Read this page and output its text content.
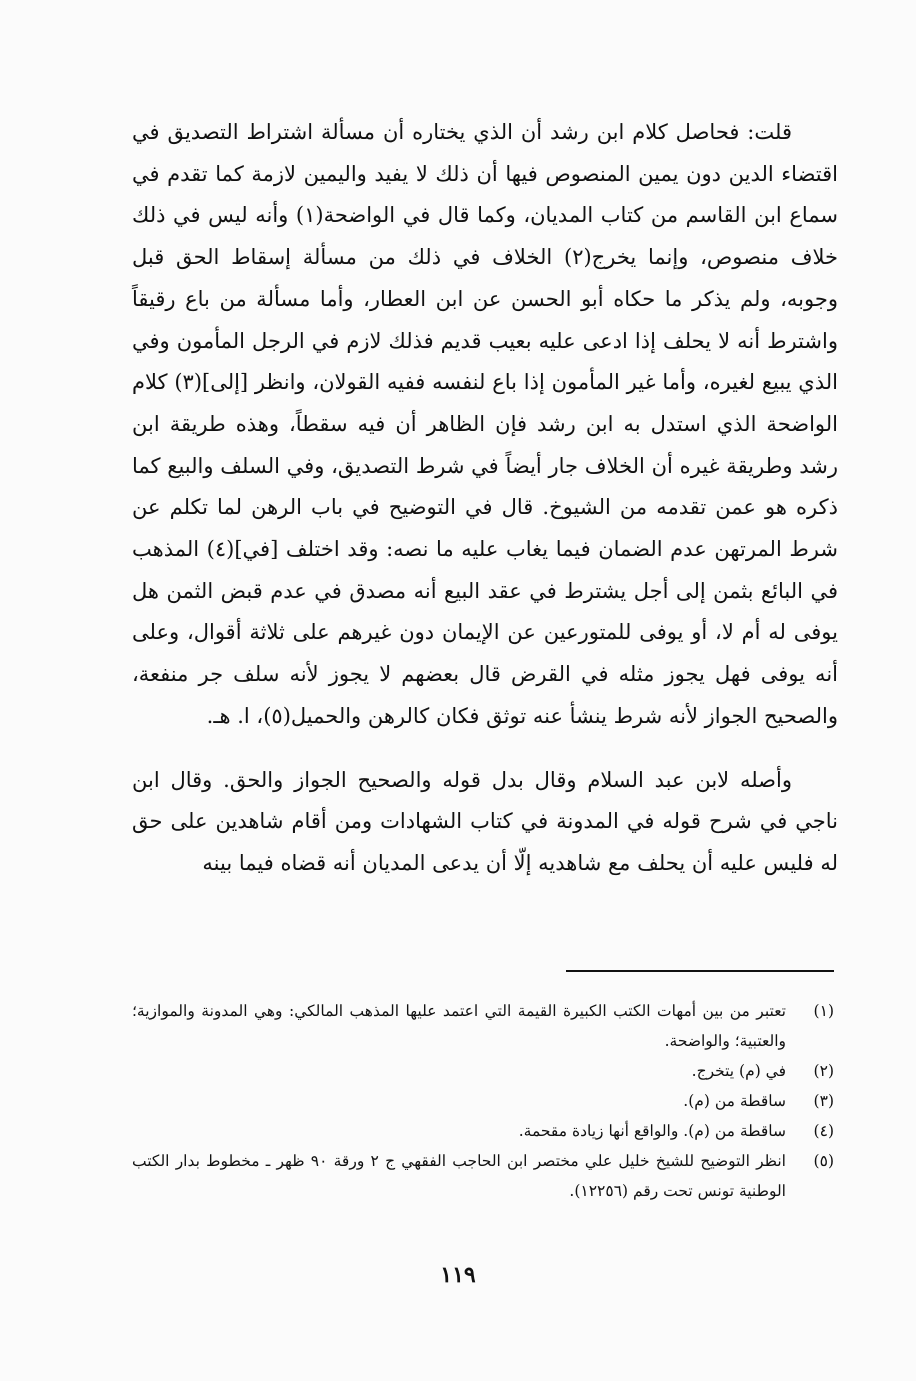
قلت: فحاصل كلام ابن رشد أن الذي يختاره أن مسألة اشتراط التصديق في اقتضاء الدين دون يمين المنصوص فيها أن ذلك لا يفيد واليمين لازمة كما تقدم في سماع ابن القاسم من كتاب المديان، وكما قال في الواضحة(١) وأنه ليس في ذلك خلاف منصوص، وإنما يخرج(٢) الخلاف في ذلك من مسألة إسقاط الحق قبل وجوبه، ولم يذكر ما حكاه أبو الحسن عن ابن العطار، وأما مسألة من باع رقيقاً واشترط أنه لا يحلف إذا ادعى عليه بعيب قديم فذلك لازم في الرجل المأمون وفي الذي يبيع لغيره، وأما غير المأمون إذا باع لنفسه ففيه القولان، وانظر [إلى](٣) كلام الواضحة الذي استدل به ابن رشد فإن الظاهر أن فيه سقطاً، وهذه طريقة ابن رشد وطريقة غيره أن الخلاف جار أيضاً في شرط التصديق، وفي السلف والبيع كما ذكره هو عمن تقدمه من الشيوخ. قال في التوضيح في باب الرهن لما تكلم عن شرط المرتهن عدم الضمان فيما يغاب عليه ما نصه: وقد اختلف [في](٤) المذهب في البائع بثمن إلى أجل يشترط في عقد البيع أنه مصدق في عدم قبض الثمن هل يوفى له أم لا، أو يوفى للمتورعين عن الإيمان دون غيرهم على ثلاثة أقوال، وعلى أنه يوفى فهل يجوز مثله في القرض قال بعضهم لا يجوز لأنه سلف جر منفعة، والصحيح الجواز لأنه شرط ينشأ عنه توثق فكان كالرهن والحميل(٥)، ا. هـ.

وأصله لابن عبد السلام وقال بدل قوله والصحيح الجواز والحق. وقال ابن ناجي في شرح قوله في المدونة في كتاب الشهادات ومن أقام شاهدين على حق له فليس عليه أن يحلف مع شاهديه إلّا أن يدعى المديان أنه قضاه فيما بينه

(١)
تعتبر من بين أمهات الكتب الكبيرة القيمة التي اعتمد عليها المذهب المالكي: وهي المدونة والموازية؛ والعتبية؛ والواضحة.
(٢)
في (م) يتخرج.
(٣)
ساقطة من (م).
(٤)
ساقطة من (م). والواقع أنها زيادة مقحمة.
(٥)
انظر التوضيح للشيخ خليل علي مختصر ابن الحاجب الفقهي ج ٢ ورقة ٩٠ ظهر ـ مخطوط بدار الكتب الوطنية تونس تحت رقم (١٢٢٥٦).
١١٩
